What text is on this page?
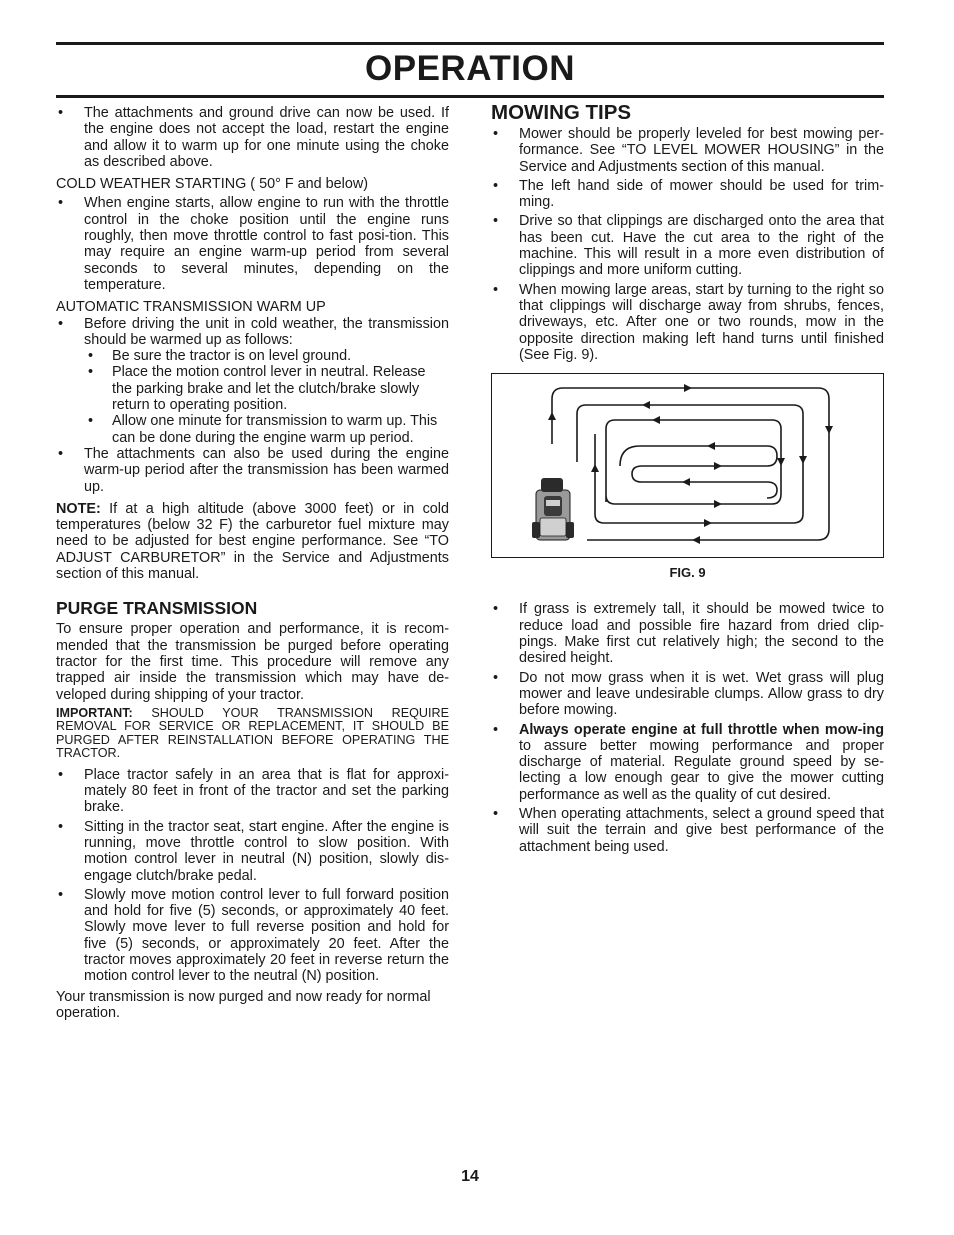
OPERATION
• The attachments and ground drive can now be used. If the engine does not accept the load, restart the engine and allow it to warm up for one minute using the choke as described above.

COLD WEATHER STARTING ( 50° F and below)

• When engine starts, allow engine to run with the throttle control in the choke position until the engine runs roughly, then move throttle control to fast posi-tion. This may require an engine warm-up period from several seconds to several minutes, depending on the temperature.

AUTOMATIC TRANSMISSION WARM UP

• Before driving the unit in cold weather, the transmission should be warmed up as follows:
• Be sure the tractor is on level ground.
• Place the motion control lever in neutral. Release the parking brake and let the clutch/brake slowly return to operating position.
• Allow one minute for transmission to warm up. This can be done during the engine warm up period.
• The attachments can also be used during the engine warm-up period after the transmission has been warmed up.

NOTE: If at a high altitude (above 3000 feet) or in cold temperatures (below 32 F) the carburetor fuel mixture may need to be adjusted for best engine performance. See “TO ADJUST CARBURETOR” in the Service and Adjustments section of this manual.

PURGE TRANSMISSION

To ensure proper operation and performance, it is recom-mended that the transmission be purged before operating tractor for the first time. This procedure will remove any trapped air inside the transmission which may have de-veloped during shipping of your tractor.

IMPORTANT: SHOULD YOUR TRANSMISSION REQUIRE REMOVAL FOR SERVICE OR REPLACEMENT, IT SHOULD BE PURGED AFTER REINSTALLATION BEFORE OPERATING THE TRACTOR.

• Place tractor safely in an area that is flat for approxi-mately 80 feet in front of the tractor and set the parking brake.
• Sitting in the tractor seat, start engine. After the engine is running, move throttle control to slow position. With motion control lever in neutral (N) position, slowly dis-engage clutch/brake pedal.
• Slowly move motion control lever to full forward position and hold for five (5) seconds, or approximately 40 feet. Slowly move lever to full reverse position and hold for five (5) seconds, or approximately 20 feet. After the tractor moves approximately 20 feet in reverse return the motion control lever to the neutral (N) position.

Your transmission is now purged and now ready for normal operation.

MOWING TIPS
• Mower should be properly leveled for best mowing per-formance. See “TO LEVEL MOWER HOUSING” in the Service and Adjustments section of this manual.
• The left hand side of mower should be used for trim-ming.
• Drive so that clippings are discharged onto the area that has been cut. Have the cut area to the right of the machine. This will result in a more even distribution of clippings and more uniform cutting.
• When mowing large areas, start by turning to the right so that clippings will discharge away from shrubs, fences, driveways, etc. After one or two rounds, mow in the opposite direction making left hand turns until finished (See Fig. 9).
FIG. 9
• If grass is extremely tall, it should be mowed twice to reduce load and possible fire hazard from dried clip-pings. Make first cut relatively high; the second to the desired height.
• Do not mow grass when it is wet. Wet grass will plug mower and leave undesirable clumps. Allow grass to dry before mowing.
• Always operate engine at full throttle when mow-ing to assure better mowing performance and proper discharge of material. Regulate ground speed by se-lecting a low enough gear to give the mower cutting performance as well as the quality of cut desired.
• When operating attachments, select a ground speed that will suit the terrain and give best performance of the attachment being used.
14
